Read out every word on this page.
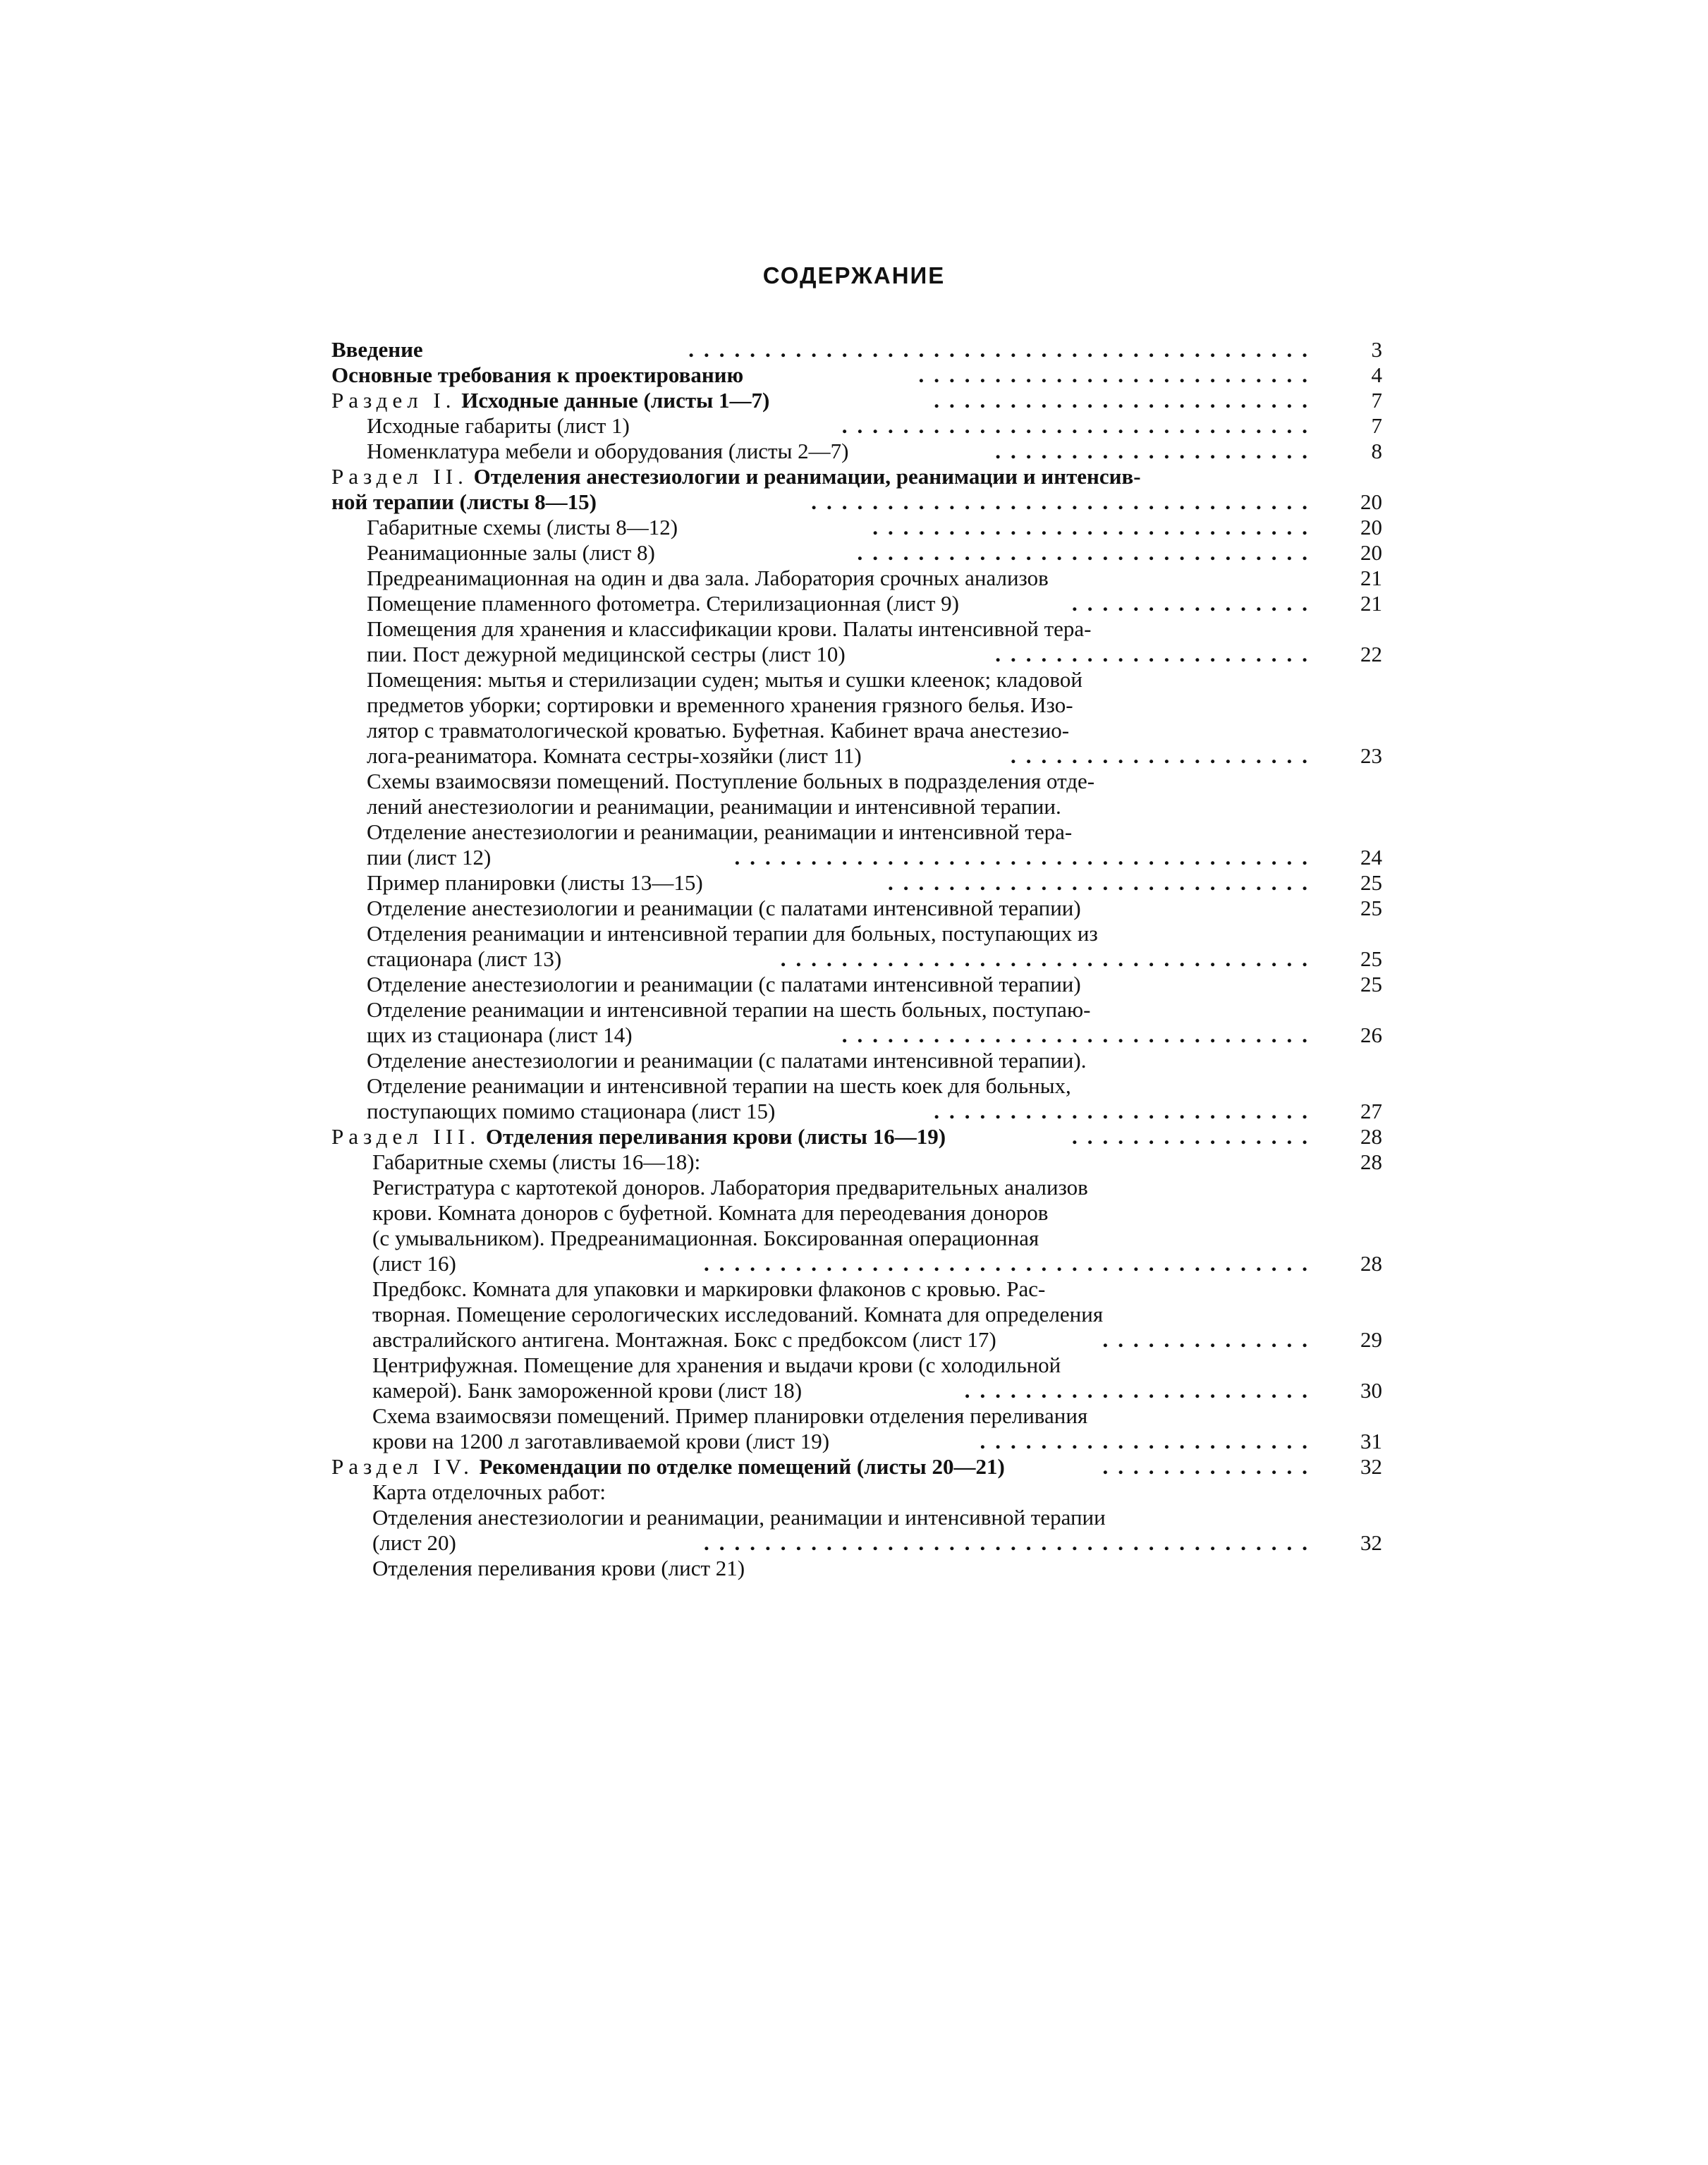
СОДЕРЖАНИЕ
Введение	3
.........................................
Основные требования к проектированию	4
..........................
Раздел I. Исходные данные (листы 1—7)	7
.........................
Исходные габариты (лист 1)	7
...............................
Номенклатура мебели и оборудования (листы 2—7)	8
.....................
Раздел II. Отделения анестезиологии и реанимации, реанимации и интенсив-
ной терапии (листы 8—15)	20
.................................
Габаритные схемы (листы 8—12)	20
.............................
Реанимационные залы (лист 8)	20
..............................
Предреанимационная на один и два зала. Лаборатория срочных анализов	21
Помещение пламенного фотометра. Стерилизационная (лист 9)	21
................
Помещения для хранения и классификации крови. Палаты интенсивной тера-
пии. Пост дежурной медицинской сестры (лист 10)	22
.....................
Помещения: мытья и стерилизации суден; мытья и сушки клеенок; кладовой
предметов уборки; сортировки и временного хранения грязного белья. Изо-
лятор с травматологической кроватью. Буфетная. Кабинет врача анестезио-
лога-реаниматора. Комната сестры-хозяйки (лист 11)	23
....................
Схемы взаимосвязи помещений. Поступление больных в подразделения отде-
лений анестезиологии и реанимации, реанимации и интенсивной терапии.
Отделение анестезиологии и реанимации, реанимации и интенсивной тера-
пии (лист 12)	24
......................................
Пример планировки (листы 13—15)	25
............................
Отделение анестезиологии и реанимации (с палатами интенсивной терапии)	25
Отделения реанимации и интенсивной терапии для больных, поступающих из
стационара (лист 13)	25
...................................
Отделение анестезиологии и реанимации (с палатами интенсивной терапии)	25
Отделение реанимации и интенсивной терапии на шесть больных, поступаю-
щих из стационара (лист 14)	26
...............................
Отделение анестезиологии и реанимации (с палатами интенсивной терапии).
Отделение реанимации и интенсивной терапии на шесть коек для больных,
поступающих помимо стационара (лист 15)	27
.........................
Раздел III. Отделения переливания крови (листы 16—19)	28
................
Габаритные схемы (листы 16—18):	28
Регистратура с картотекой доноров. Лаборатория предварительных анализов
крови. Комната доноров с буфетной. Комната для переодевания доноров
(с умывальником). Предреанимационная. Боксированная операционная
(лист 16)	28
........................................
Предбокс. Комната для упаковки и маркировки флаконов с кровью. Рас-
творная. Помещение серологических исследований. Комната для определения
австралийского антигена. Монтажная. Бокс с предбоксом (лист 17)	29
..............
Центрифужная. Помещение для хранения и выдачи крови (с холодильной
камерой). Банк замороженной крови (лист 18)	30
.......................
Схема взаимосвязи помещений. Пример планировки отделения переливания
крови на 1200 л заготавливаемой крови (лист 19)	31
......................
Раздел IV. Рекомендации по отделке помещений (листы 20—21)	32
..............
Карта отделочных работ:
Отделения анестезиологии и реанимации, реанимации и интенсивной терапии
(лист 20)	32
........................................
Отделения переливания крови (лист 21)
